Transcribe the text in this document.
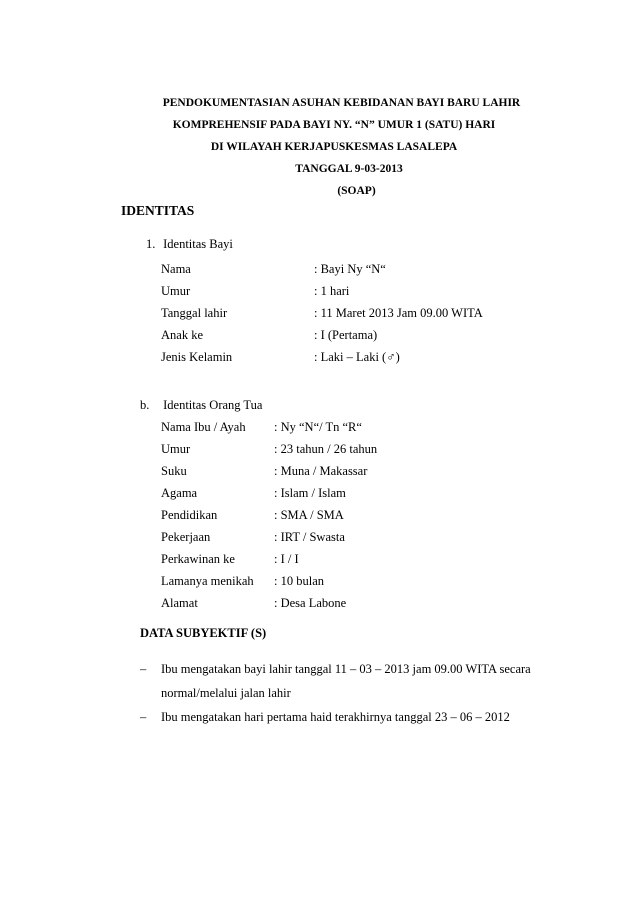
PENDOKUMENTASIAN ASUHAN KEBIDANAN BAYI BARU LAHIR
KOMPREHENSIF PADA BAYI NY. “N” UMUR 1 (SATU) HARI
DI WILAYAH KERJAPUSKESMAS LASALEPA
TANGGAL 9-03-2013
(SOAP)
IDENTITAS
1. Identitas Bayi
Nama	: Bayi Ny “N“
Umur	: 1 hari
Tanggal lahir	: 11 Maret 2013 Jam 09.00 WITA
Anak ke	: I (Pertama)
Jenis Kelamin	: Laki – Laki (♂)
b. Identitas Orang Tua
Nama Ibu / Ayah : Ny “N“/ Tn “R“
Umur	: 23 tahun / 26 tahun
Suku	: Muna / Makassar
Agama	: Islam / Islam
Pendidikan	: SMA / SMA
Pekerjaan	: IRT / Swasta
Perkawinan ke	: I / I
Lamanya menikah : 10 bulan
Alamat	: Desa Labone
DATA SUBYEKTIF (S)
– Ibu mengatakan bayi lahir tanggal 11 – 03 – 2013 jam 09.00 WITA secara
normal/melalui jalan lahir
– Ibu mengatakan hari pertama haid terakhirnya tanggal 23 – 06 – 2012
